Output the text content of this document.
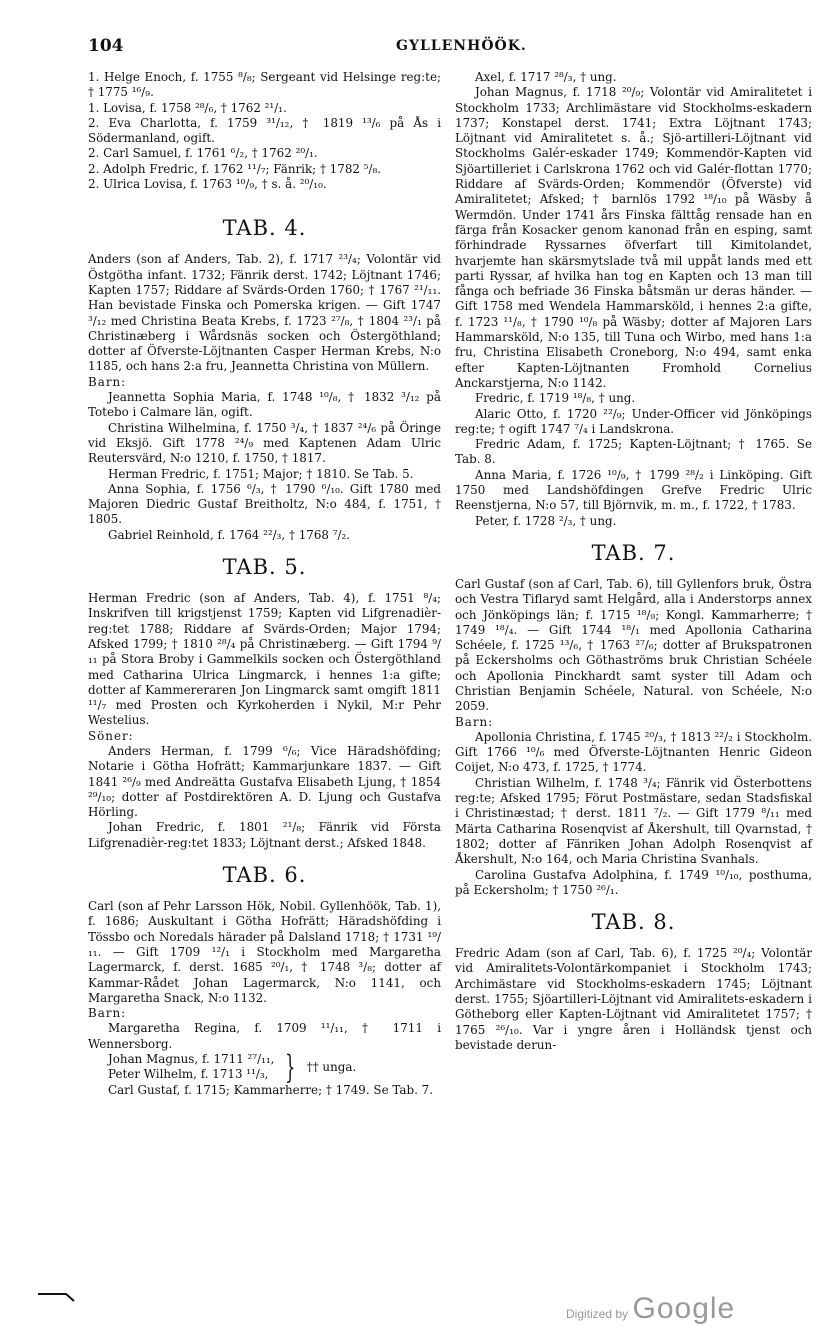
104	GYLLENHÖÖK.

1. Helge Enoch, f. 1755 ⁸/₈; Sergeant vid Helsinge reg:te; † 1775 ¹⁶/₉.

1. Lovisa, f. 1758 ²⁸/₆, † 1762 ²¹/₁.

2. Eva Charlotta, f. 1759 ³¹/₁₂, † 1819 ¹³/₆ på Ås i Södermanland, ogift.

2. Carl Samuel, f. 1761 ⁶/₂, † 1762 ²⁰/₁.

2. Adolph Fredric, f. 1762 ¹¹/₇; Fänrik; † 1782 ⁵/₈.

2. Ulrica Lovisa, f. 1763 ¹⁰/₉, † s. å. ²⁰/₁₀.

TAB. 4.

Anders (son af Anders, Tab. 2), f. 1717 ²³/₄; Volontär vid Östgötha infant. 1732; Fänrik derst. 1742; Löjtnant 1746; Kapten 1757; Riddare af Svärds-Orden 1760; † 1767 ²¹/₁₁. Han bevistade Finska och Pomerska krigen. — Gift 1747 ³/₁₂ med Christina Beata Krebs, f. 1723 ²⁷/₈, † 1804 ²³/₁ på Christinæberg i Wårdsnäs socken och Östergöthland; dotter af Öfverste-Löjtnanten Casper Herman Krebs, N:o 1185, och hans 2:a fru, Jeannetta Christina von Müllern.

Barn:

Jeannetta Sophia Maria, f. 1748 ¹⁰/₈, † 1832 ³/₁₂ på Totebo i Calmare län, ogift.

Christina Wilhelmina, f. 1750 ³/₄, † 1837 ²⁴/₆ på Öringe vid Eksjö. Gift 1778 ²⁴/₉ med Kaptenen Adam Ulric Reutersvärd, N:o 1210, f. 1750, † 1817.

Herman Fredric, f. 1751; Major; † 1810. Se Tab. 5.

Anna Sophia, f. 1756 ⁶/₃, † 1790 ⁶/₁₀. Gift 1780 med Majoren Diedric Gustaf Breitholtz, N:o 484, f. 1751, † 1805.

Gabriel Reinhold, f. 1764 ²²/₃, † 1768 ⁷/₂.

TAB. 5.

Herman Fredric (son af Anders, Tab. 4), f. 1751 ⁸/₄; Inskrifven till krigstjenst 1759; Kapten vid Lifgrenadièr-reg:tet 1788; Riddare af Svärds-Orden; Major 1794; Afsked 1799; † 1810 ²⁸/₄ på Christinæberg. — Gift 1794 ⁹/₁₁ på Stora Broby i Gammelkils socken och Östergöthland med Catharina Ulrica Lingmarck, i hennes 1:a gifte; dotter af Kammereraren Jon Lingmarck samt omgift 1811 ¹¹/₇ med Prosten och Kyrkoherden i Nykil, M:r Pehr Westelius.

Söner:

Anders Herman, f. 1799 ⁶/₆; Vice Häradshöfding; Notarie i Götha Hofrätt; Kammarjunkare 1837. — Gift 1841 ²⁶/₉ med Andreätta Gustafva Elisabeth Ljung, † 1854 ²⁹/₁₀; dotter af Postdirektören A. D. Ljung och Gustafva Hörling.

Johan Fredric, f. 1801 ²¹/₈; Fänrik vid Första Lifgrenadièr-reg:tet 1833; Löjtnant derst.; Afsked 1848.

TAB. 6.

Carl (son af Pehr Larsson Hök, Nobil. Gyllenhöök, Tab. 1), f. 1686; Auskultant i Götha Hofrätt; Häradshöfding i Tössbo och Noredals härader på Dalsland 1718; † 1731 ¹⁹/₁₁. — Gift 1709 ¹²/₁ i Stockholm med Margaretha Lagermarck, f. derst. 1685 ²⁰/₁, † 1748 ³/₈; dotter af Kammar-Rådet Johan Lagermarck, N:o 1141, och Margaretha Snack, N:o 1132.

Barn:

Margaretha Regina, f. 1709 ¹¹/₁₁, † 1711 i Wennersborg.

Johan Magnus, f. 1711 ²⁷/₁₁,

Peter Wilhelm, f. 1713 ¹¹/₃, } †† unga.

Carl Gustaf, f. 1715; Kammarherre; † 1749. Se Tab. 7.

Axel, f. 1717 ²⁸/₃, † ung.

Johan Magnus, f. 1718 ²⁰/₉; Volontär vid Amiralitetet i Stockholm 1733; Archlimästare vid Stockholms-eskadern 1737; Konstapel derst. 1741; Extra Löjtnant 1743; Löjtnant vid Amiralitetet s. å.; Sjö-artilleri-Löjtnant vid Stockholms Galér-eskader 1749; Kommendör-Kapten vid Sjöartilleriet i Carlskrona 1762 och vid Galér-flottan 1770; Riddare af Svärds-Orden; Kommendör (Öfverste) vid Amiralitetet; Afsked; † barnlös 1792 ¹⁸/₁₀ på Wäsby å Wermdön. Under 1741 års Finska fälttåg rensade han en färga från Kosacker genom kanonad från en esping, samt förhindrade Ryssarnes öfverfart till Kimitolandet, hvarjemte han skärsmytslade två mil uppåt lands med ett parti Ryssar, af hvilka han tog en Kapten och 13 man till fånga och befriade 36 Finska båtsmän ur deras händer. — Gift 1758 med Wendela Hammarsköld, i hennes 2:a gifte, f. 1723 ¹¹/₈, † 1790 ¹⁰/₈ på Wäsby; dotter af Majoren Lars Hammarsköld, N:o 135, till Tuna och Wirbo, med hans 1:a fru, Christina Elisabeth Croneborg, N:o 494, samt enka efter Kapten-Löjtnanten Fromhold Cornelius Anckarstjerna, N:o 1142.

Fredric, f. 1719 ¹⁸/₈, † ung.

Alaric Otto, f. 1720 ²²/₉; Under-Officer vid Jönköpings reg:te; † ogift 1747 ⁷/₄ i Landskrona.

Fredric Adam, f. 1725; Kapten-Löjtnant; † 1765. Se Tab. 8.

Anna Maria, f. 1726 ¹⁰/₉, † 1799 ²⁸/₂ i Linköping. Gift 1750 med Landshöfdingen Grefve Fredric Ulric Reenstjerna, N:o 57, till Björnvik, m. m., f. 1722, † 1783.

Peter, f. 1728 ²/₃, † ung.

TAB. 7.

Carl Gustaf (son af Carl, Tab. 6), till Gyllenfors bruk, Östra och Vestra Tiflaryd samt Helgård, alla i Anderstorps annex och Jönköpings län; f. 1715 ¹⁸/₉; Kongl. Kammarherre; † 1749 ¹⁸/₄. — Gift 1744 ¹⁸/₁ med Apollonia Catharina Schéele, f. 1725 ¹³/₆, † 1763 ²⁷/₆; dotter af Brukspatronen på Eckersholms och Göthaströms bruk Christian Schéele och Apollonia Pinckhardt samt syster till Adam och Christian Benjamin Schéele, Natural. von Schéele, N:o 2059.

Barn:

Apollonia Christina, f. 1745 ²⁰/₃, † 1813 ²²/₂ i Stockholm. Gift 1766 ¹⁰/₆ med Öfverste-Löjtnanten Henric Gideon Coijet, N:o 473, f. 1725, † 1774.

Christian Wilhelm, f. 1748 ³/₄; Fänrik vid Österbottens reg:te; Afsked 1795; Förut Postmästare, sedan Stadsfiskal i Christinæstad; † derst. 1811 ⁷/₂. — Gift 1779 ⁸/₁₁ med Märta Catharina Rosenqvist af Åkershult, till Qvarnstad, † 1802; dotter af Fänriken Johan Adolph Rosenqvist af Åkershult, N:o 164, och Maria Christina Svanhals.

Carolina Gustafva Adolphina, f. 1749 ¹⁰/₁₀, posthuma, på Eckersholm; † 1750 ²⁶/₁.

TAB. 8.

Fredric Adam (son af Carl, Tab. 6), f. 1725 ²⁰/₄; Volontär vid Amiralitets-Volontärkompaniet i Stockholm 1743; Archimästare vid Stockholms-eskadern 1745; Löjtnant derst. 1755; Sjöartilleri-Löjtnant vid Amiralitets-eskadern i Götheborg eller Kapten-Löjtnant vid Amiralitetet 1757; † 1765 ²⁶/₁₀. Var i yngre åren i Holländsk tjenst och bevistade derun-

Digitized by Google
